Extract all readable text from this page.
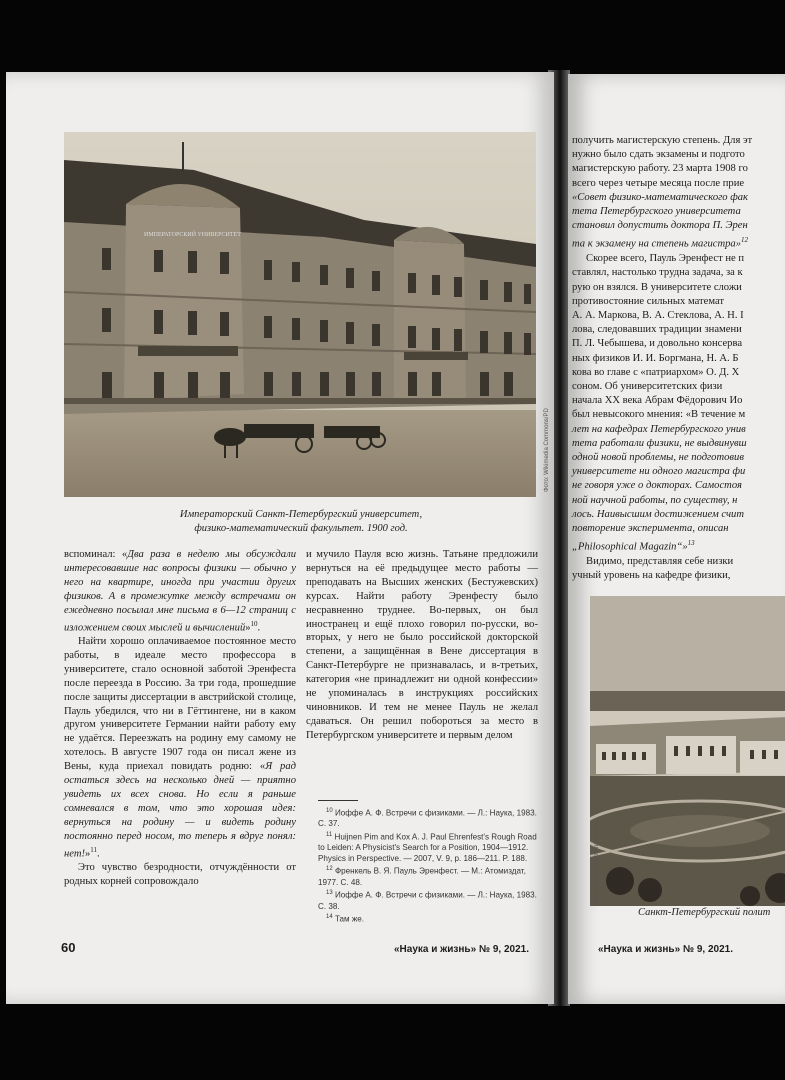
ИМПЕРАТОРСКИЙ УНИВЕРСИТЕТ
Фото: Wikimedia Commons/PD
Императорский Санкт-Петербургский университет,
физико-математический факультет. 1900 год.

вспоминал: «Два раза в неделю мы обсуждали интересовавшие нас вопросы физики — обычно у него на квартире, иногда при участии других физиков. А в промежутке между встречами он ежедневно посылал мне письма в 6—12 страниц с изложением своих мыслей и вычислений»$^{10}$.

Найти хорошо оплачиваемое постоянное место работы, в идеале место профессора в университете, стало основной заботой Эренфеста после переезда в Россию. За три года, прошедшие после защиты диссертации в австрийской столице, Пауль убедился, что ни в Гёттингене, ни в каком другом университете Германии найти работу ему не удаётся. Переезжать на родину ему самому не хотелось. В августе 1907 года он писал жене из Вены, куда приехал повидать родню: «Я рад остаться здесь на несколько дней — приятно увидеть их всех снова. Но если я раньше сомневался в том, что это хорошая идея: вернуться на родину — и видеть родину постоянно перед носом, то теперь я вдруг понял: нет!»$^{11}$.

Это чувство безродности, отчуждённости от родных корней сопровождало

и мучило Пауля всю жизнь. Татьяне предложили вернуться на её предыдущее место работы — преподавать на Высших женских (Бестужевских) курсах. Найти работу Эренфесту было несравненно труднее. Во-первых, он был иностранец и ещё плохо говорил по-русски, во-вторых, у него не было российской докторской степени, а защищённая в Вене диссертация в Санкт-Петербурге не признавалась, и в-третьих, категория «не принадлежит ни одной конфессии» не упоминалась в инструкциях российских чиновников. И тем не менее Пауль не желал сдаваться. Он решил побороться за место в Петербургском университете и первым делом

$^{10}$ Иоффе А. Ф. Встречи с физиками. — Л.: Наука, 1983. С. 37.

$^{11}$ Huijnen Pim and Kox A. J. Paul Ehrenfest's Rough Road to Leiden: A Physicist's Search for a Position, 1904—1912. Physics in Perspective. — 2007, V. 9, p. 186—211. P. 188.

$^{12}$ Френкель В. Я. Пауль Эренфест. — М.: Атомиздат, 1977. С. 48.

$^{13}$ Иоффе А. Ф. Встречи с физиками. — Л.: Наука, 1983. С. 38.

$^{14}$ Там же.

60	«Наука и жизнь» № 9, 2021.

получить магистерскую степень. Для эт

нужно было сдать экзамены и подгото

магистерскую работу. 23 марта 1908 го

всего через четыре месяца после прие

«Совет физико-математического фак

тета Петербургского университета

становил допустить доктора П. Эрен

та к экзамену на степень магистра»$^{12}$

Скорее всего, Пауль Эренфест не п

ставлял, настолько трудна задача, за к

рую он взялся. В университете сложи

противостояние сильных математ

А. А. Маркова, В. А. Стеклова, А. Н. I

лова, следовавших традиции знамени

П. Л. Чебышева, и довольно консерва

ных физиков И. И. Боргмана, Н. А. Б

кова во главе с «патриархом» О. Д. Х

соном. Об университетских физи

начала XX века Абрам Фёдорович Ио

был невысокого мнения: «В течение м

лет на кафедрах Петербургского унив

тета работали физики, не выдвинувш

одной новой проблемы, не подготовив

университете ни одного магистра фи

не говоря уже о докторах. Самостоя

ной научной работы, по существу, н

лось. Наивысшим достижением счит

повторение эксперимента, описан

„Philosophical Magazin“»$^{13}$

Видимо, представляя себе низки

учный уровень на кафедре физики,

Фото: humus.livejournal.com
Санкт-Петербургский полит
«Наука и жизнь» № 9, 2021.
